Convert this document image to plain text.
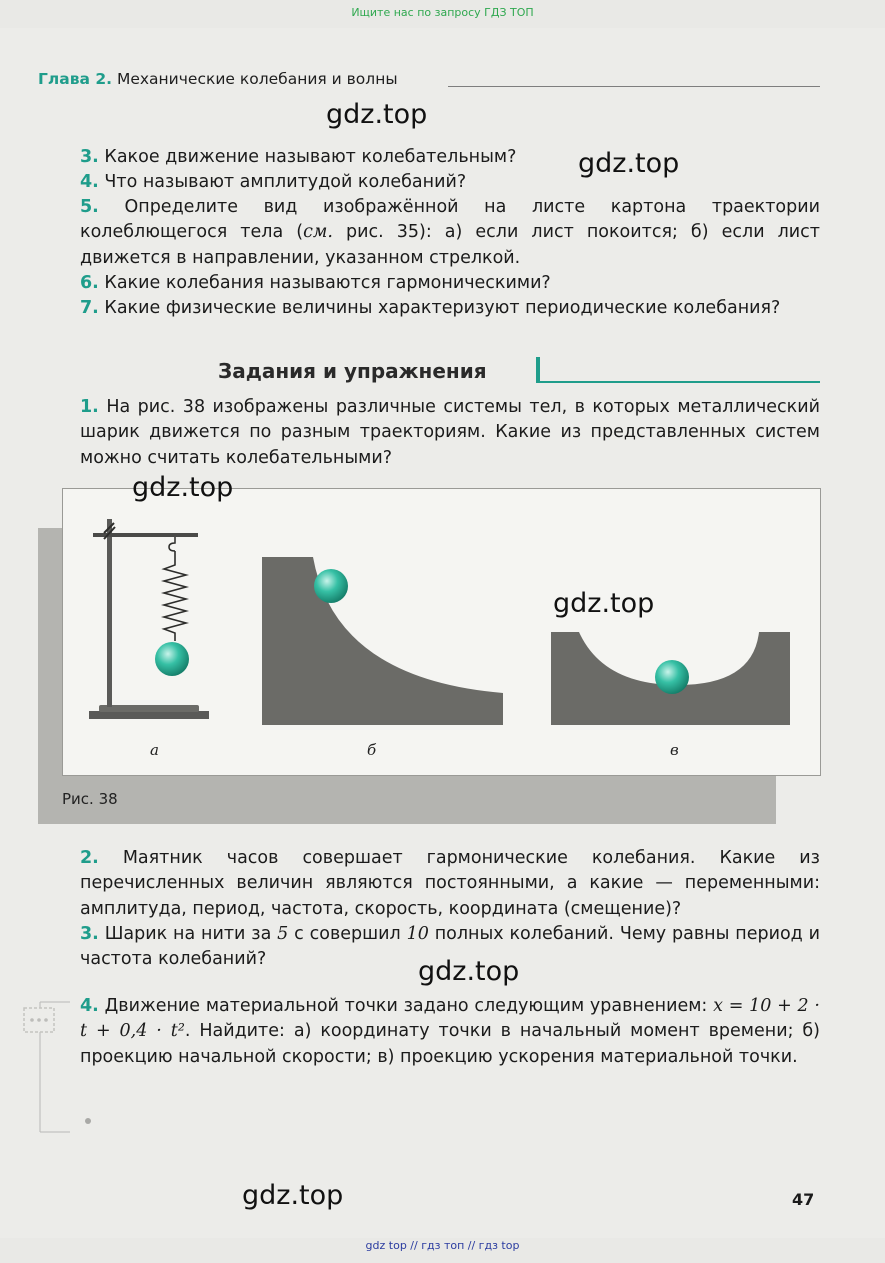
Ищите нас по запросу ГДЗ ТОП
Глава 2. Механические колебания и волны
gdz.top
gdz.top
3. Какое движение называют колебательным?
4. Что называют амплитудой колебаний?
5. Определите вид изображённой на листе картона траектории колеблющегося тела (см. рис. 35): а) если лист покоится; б) если лист движется в направлении, указанном стрелкой.
6. Какие колебания называются гармоническими?
7. Какие физические величины характеризуют периодические колебания?
Задания и упражнения
1. На рис. 38 изображены различные системы тел, в которых металлический шарик движется по разным траекториям. Какие из представленных систем можно считать колебательными?
а	б	в
Рис. 38
gdz.top
gdz.top
2. Маятник часов совершает гармонические колебания. Какие из перечисленных величин являются постоянными, а какие — переменными: амплитуда, период, частота, скорость, координата (смещение)?
3. Шарик на нити за 5 с совершил 10 полных колебаний. Чему равны период и частота колебаний?	gdz.top
4. Движение материальной точки задано следующим уравнением: x = 10 + 2 · t + 0,4 · t². Найдите: а) координату точки в начальный момент времени; б) проекцию начальной скорости; в) проекцию ускорения материальной точки.
gdz.top	47
gdz top // гдз топ // гдз top
